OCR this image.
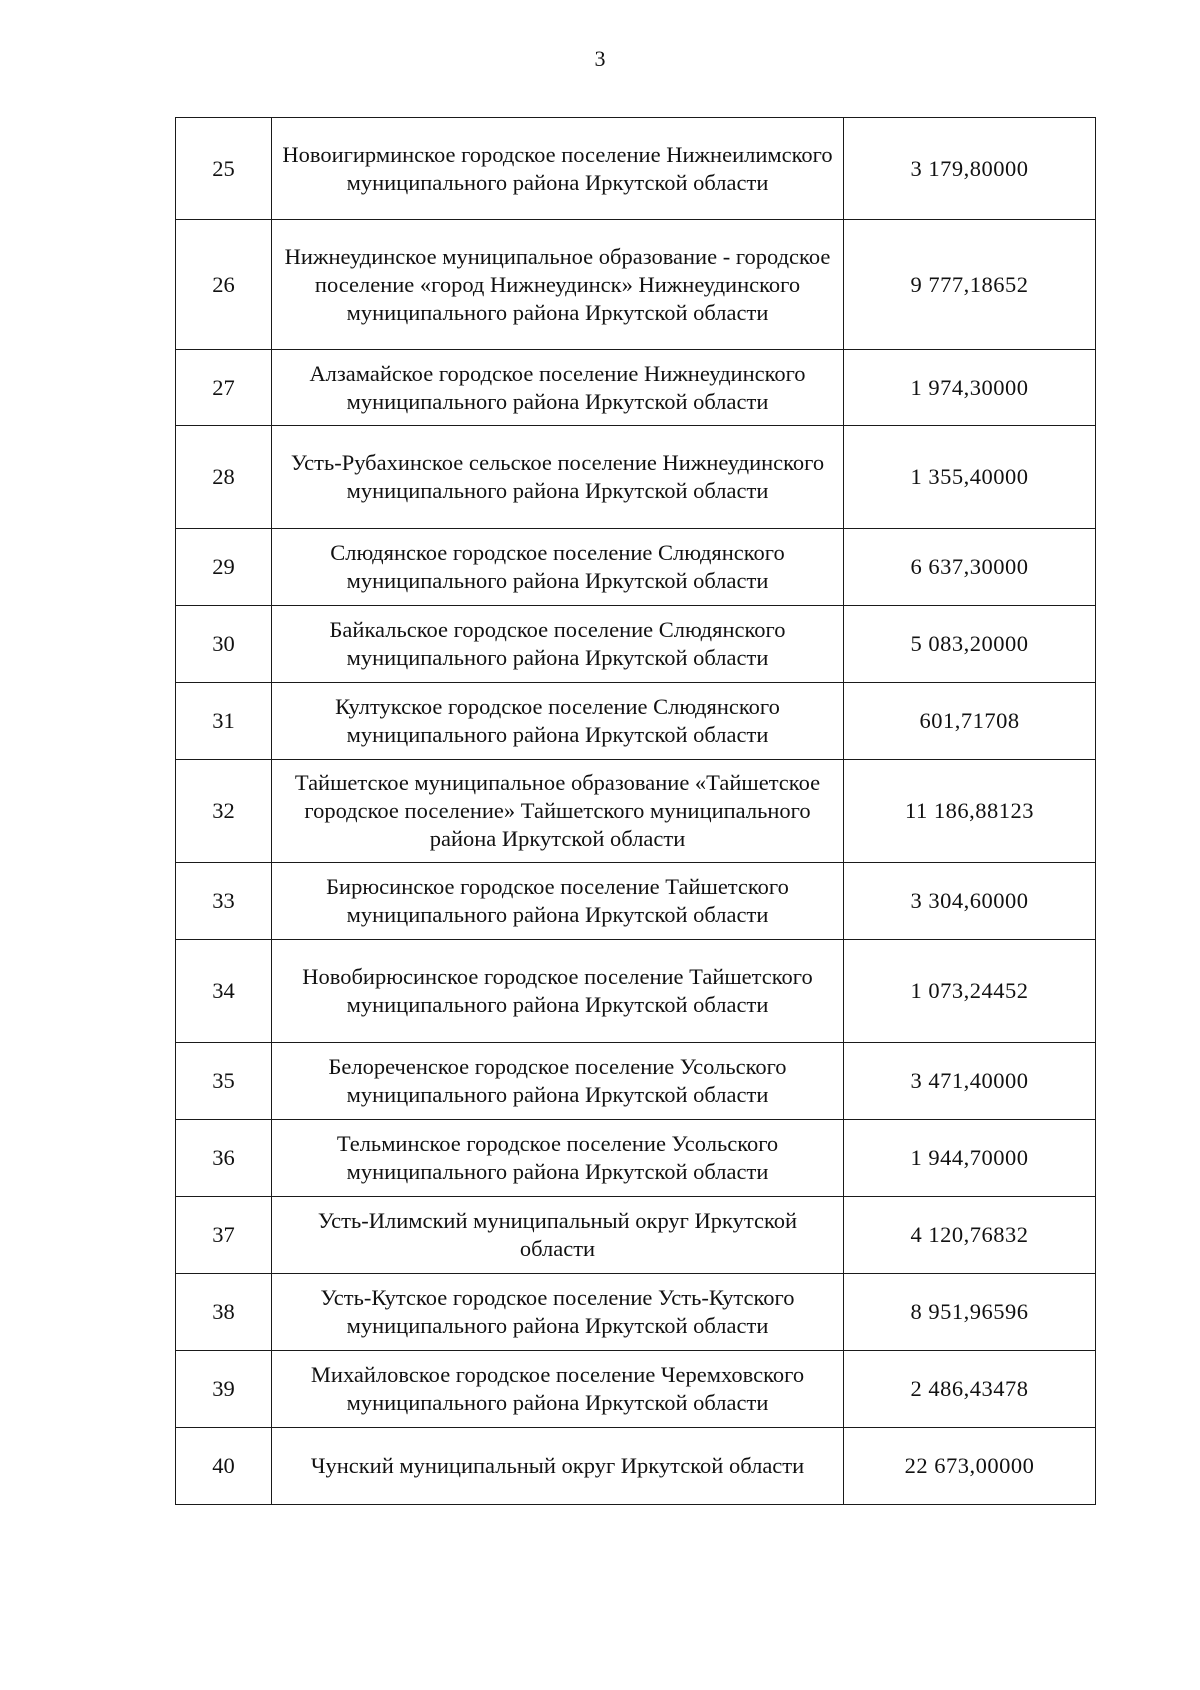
3
25	Новоигирминское городское поселение Нижнеилимского муниципального района Иркутской области	3 179,80000
26	Нижнеудинское муниципальное образование - городское поселение «город Нижнеудинск» Нижнеудинского муниципального района Иркутской области	9 777,18652
27	Алзамайское городское поселение Нижнеудинского муниципального района Иркутской области	1 974,30000
28	Усть-Рубахинское сельское поселение Нижнеудинского муниципального района Иркутской области	1 355,40000
29	Слюдянское городское поселение Слюдянского муниципального района Иркутской области	6 637,30000
30	Байкальское городское поселение Слюдянского муниципального района Иркутской области	5 083,20000
31	Култукское городское поселение Слюдянского муниципального района Иркутской области	601,71708
32	Тайшетское муниципальное образование «Тайшетское городское поселение» Тайшетского муниципального района Иркутской области	11 186,88123
33	Бирюсинское городское поселение Тайшетского муниципального района Иркутской области	3 304,60000
34	Новобирюсинское городское поселение Тайшетского муниципального района Иркутской области	1 073,24452
35	Белореченское городское поселение Усольского муниципального района Иркутской области	3 471,40000
36	Тельминское городское поселение Усольского муниципального района Иркутской области	1 944,70000
37	Усть-Илимский муниципальный округ Иркутской области	4 120,76832
38	Усть-Кутское городское поселение Усть-Кутского муниципального района Иркутской области	8 951,96596
39	Михайловское городское поселение Черемховского муниципального района Иркутской области	2 486,43478
40	Чунский муниципальный округ Иркутской области	22 673,00000
